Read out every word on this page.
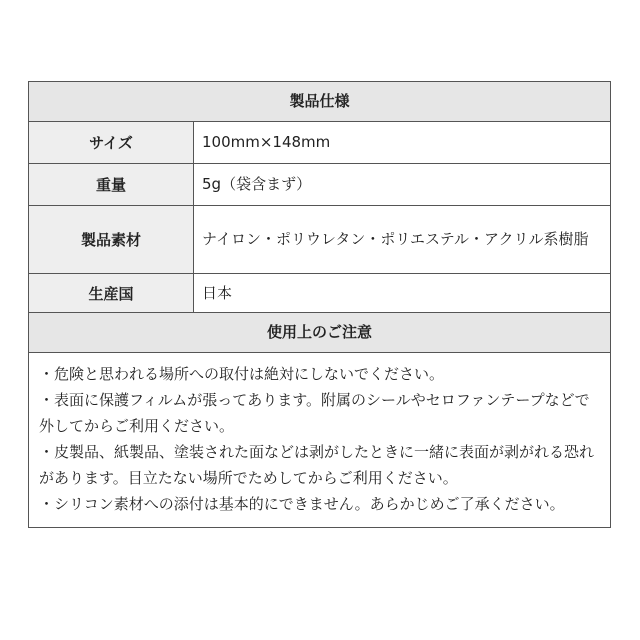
製品仕様
サイズ	100mm×148mm
重量	5g（袋含まず）
製品素材	ナイロン・ポリウレタン・ポリエステル・アクリル系樹脂
生産国	日本
使用上のご注意

・危険と思われる場所への取付は絶対にしないでください。

・表面に保護フィルムが張ってあります。附属のシールやセロファンテープなどで外してからご利用ください。

・皮製品、紙製品、塗装された面などは剥がしたときに一緒に表面が剥がれる恐れがあります。目立たない場所でためしてからご利用ください。

・シリコン素材への添付は基本的にできません。あらかじめご了承ください。
